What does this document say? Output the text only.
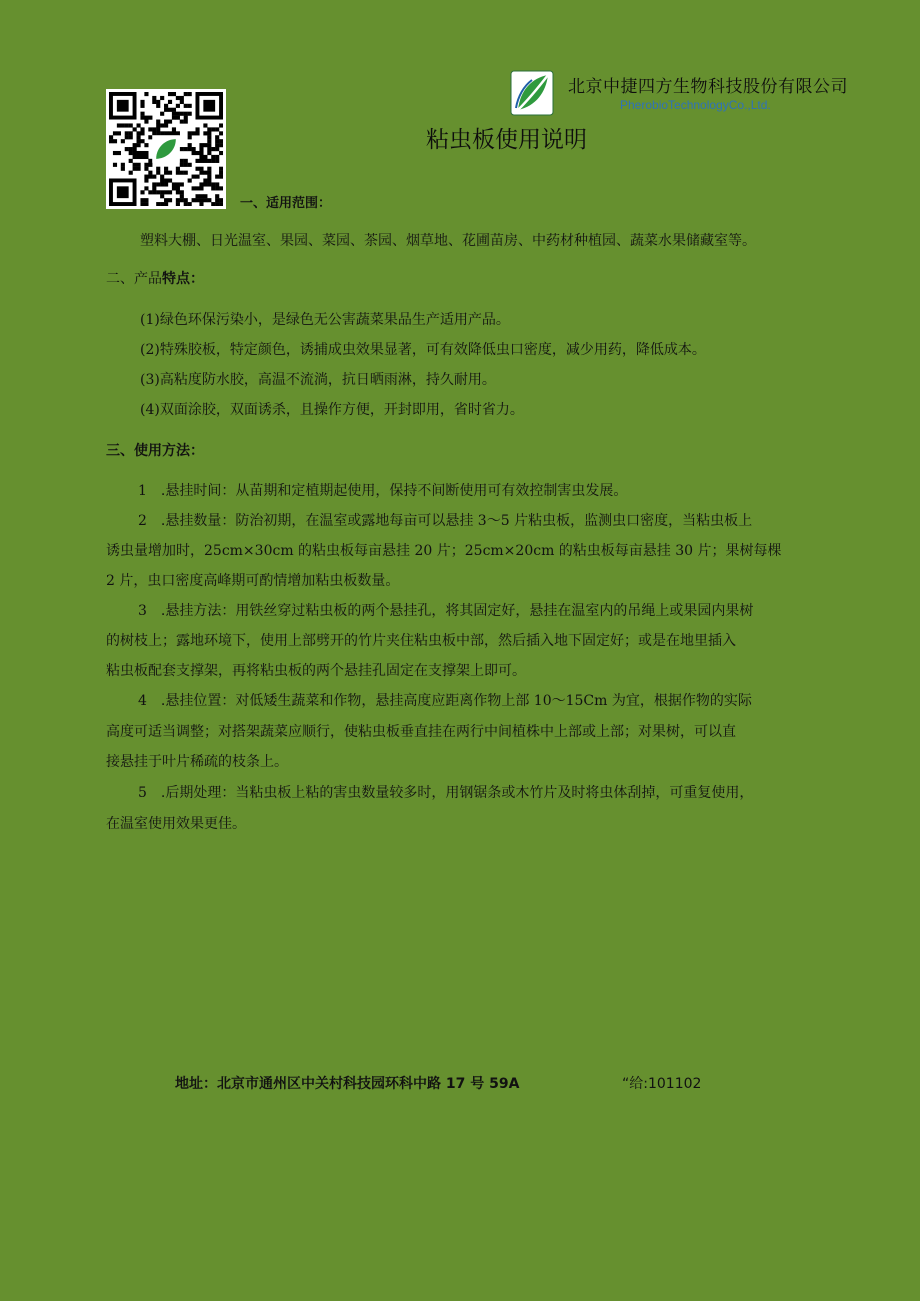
北京中捷四方生物科技股份有限公司
PherobioTechnologyCo.,Ltd.
粘虫板使用说明
一、适用范围：
塑料大棚、日光温室、果园、菜园、茶园、烟草地、花圃苗房、中药材种植园、蔬菜水果储藏室等。
二、产品特点：
(1)绿色环保污染小，是绿色无公害蔬菜果品生产适用产品。
(2)特殊胶板，特定颜色，诱捕成虫效果显著，可有效降低虫口密度，减少用药，降低成本。
(3)高粘度防水胶，高温不流淌，抗日晒雨淋，持久耐用。
(4)双面涂胶，双面诱杀，且操作方便，开封即用，省时省力。
三、使用方法：
1　.悬挂时间：从苗期和定植期起使用，保持不间断使用可有效控制害虫发展。
2　.悬挂数量：防治初期，在温室或露地每亩可以悬挂 3～5 片粘虫板，监测虫口密度，当粘虫板上
诱虫量增加时，25cm×30cm 的粘虫板每亩悬挂 20 片；25cm×20cm 的粘虫板每亩悬挂 30 片；果树每棵
2 片，虫口密度高峰期可酌情增加粘虫板数量。
3　.悬挂方法：用铁丝穿过粘虫板的两个悬挂孔，将其固定好，悬挂在温室内的吊绳上或果园内果树
的树枝上；露地环境下，使用上部劈开的竹片夹住粘虫板中部，然后插入地下固定好；或是在地里插入
粘虫板配套支撑架，再将粘虫板的两个悬挂孔固定在支撑架上即可。
4　.悬挂位置：对低矮生蔬菜和作物，悬挂高度应距离作物上部 10～15Cm 为宜，根据作物的实际
高度可适当调整；对搭架蔬菜应顺行，使粘虫板垂直挂在两行中间植株中上部或上部；对果树，可以直
接悬挂于叶片稀疏的枝条上。
5　.后期处理：当粘虫板上粘的害虫数量较多时，用钢锯条或木竹片及时将虫体刮掉，可重复使用，
在温室使用效果更佳。
地址：北京市通州区中关村科技园环科中路 17 号 59A	“给:101102
